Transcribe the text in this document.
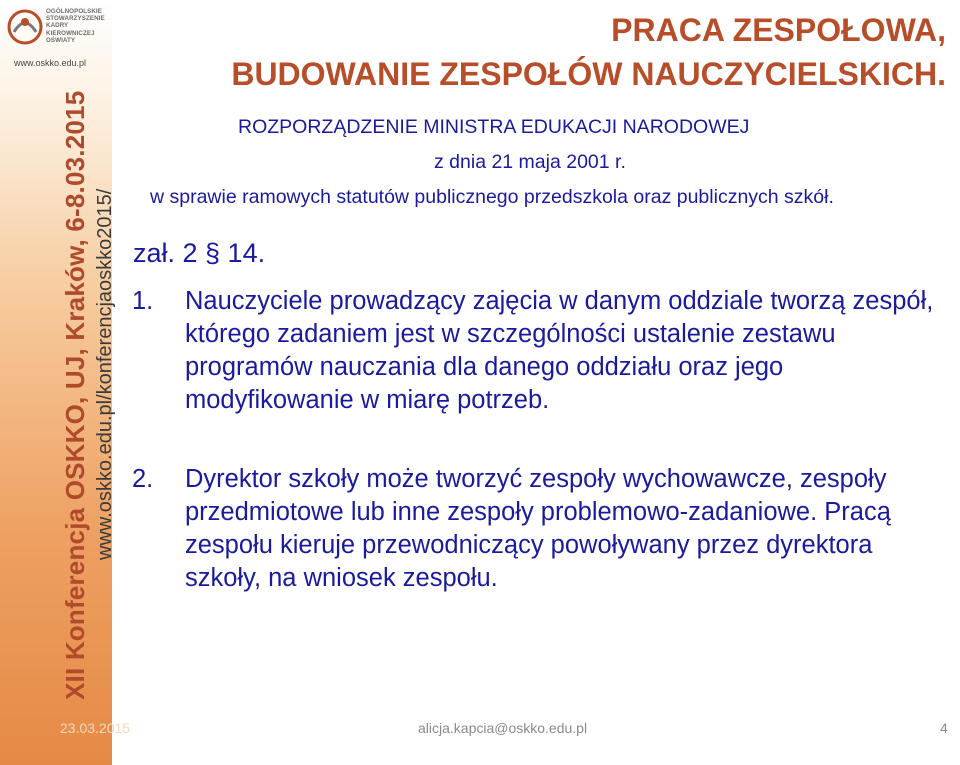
OGÓLNOPOLSKIE
STOWARZYSZENIE
KADRY
KIEROWNICZEJ
OŚWIATY
www.oskko.edu.pl
XII Konferencja OSKKO, UJ, Kraków, 6-8.03.2015 www.oskko.edu.pl/konferencjaoskko2015/
PRACA ZESPOŁOWA,
BUDOWANIE ZESPOŁÓW NAUCZYCIELSKICH.
ROZPORZĄDZENIE MINISTRA EDUKACJI NARODOWEJ
z dnia 21 maja 2001 r.
w sprawie ramowych statutów publicznego przedszkola oraz publicznych szkół.
zał. 2 § 14.
1.	Nauczyciele prowadzący zajęcia w danym oddziale tworzą zespół, którego zadaniem jest w szczególności ustalenie zestawu programów nauczania dla danego oddziału oraz jego modyfikowanie w miarę potrzeb.
2.	Dyrektor szkoły może tworzyć zespoły wychowawcze, zespoły przedmiotowe lub inne zespoły problemowo-zadaniowe. Pracą zespołu kieruje przewodniczący powoływany przez dyrektora szkoły, na wniosek zespołu.
23.03.2015	alicja.kapcia@oskko.edu.pl	4
